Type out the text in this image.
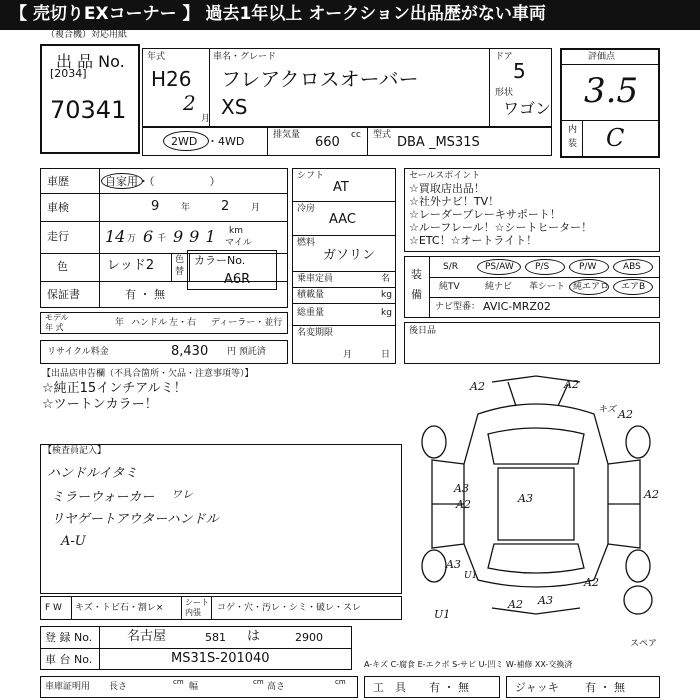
【 売切りEXコーナー 】 過去1年以上 オークション出品歴がない車両
（複合機）対応用紙
出 品 No.
[2034]
70341
年式
H26
2
月
車名・グレード
フレアクロスオーバー
XS
ドア
5
形状
ワゴン
2WD ・4WD	排気量 660 cc 型式 DBA _MS31S
評価点
3.5
内
装 C
車歴	自家用・（　　　　　）
車検	9 年 2 月
走行 14 万 6 千 991 km
マイル
色	レッド2 色
替
保証書	有 ・ 無
カラーNo.
A6R
モデル
年 式	年 ハンドル 左・右 ディーラー・並行
リサイクル料金	8,430 円 預託済
シフト
AT
冷房
AAC
燃料
ガソリン
乗車定員	名
積載量	kg
総重量	kg
名変期限
月	日
セールスポイント
☆買取店出品！
☆社外ナビ！TV！
☆レーダーブレーキサポート！
☆ルーフレール！☆シートヒーター！
☆ETC！☆オートライト！
装
備
S/R	PS/AW P/S	P/W	ABS
純TV	純ナビ 革シート 純エアロ エアB
ナビ型番： AVIC-MRZ02
後日品
【出品店申告欄（不具合箇所・欠品・注意事項等）】
☆純正15インチアルミ！
☆ツートンカラー！
【検査員記入】
ハンドルイタミ
ミラーウォーカー
リヤゲートアウターハンドル
A-U
ワレ
A2	A2
キズ A2
A3
A2	A3	A2
A3
U1	A2
U1
A2 A3
スペア
A-キズ C-腐食 E-エクボ S-サビ U-凹ミ W-補修 XX-交換済
F W キズ・トビ石・割レ×
シート
内張 コゲ・穴・汚レ・シミ・破レ・スレ
登 録 No.	名古屋	581 は	2900
車 台 No.	MS31S-201040
車庫証明用 長さ	cm 幅	cm 高さ	cm 工　具 有 ・ 無	ジャッキ 有 ・ 無
